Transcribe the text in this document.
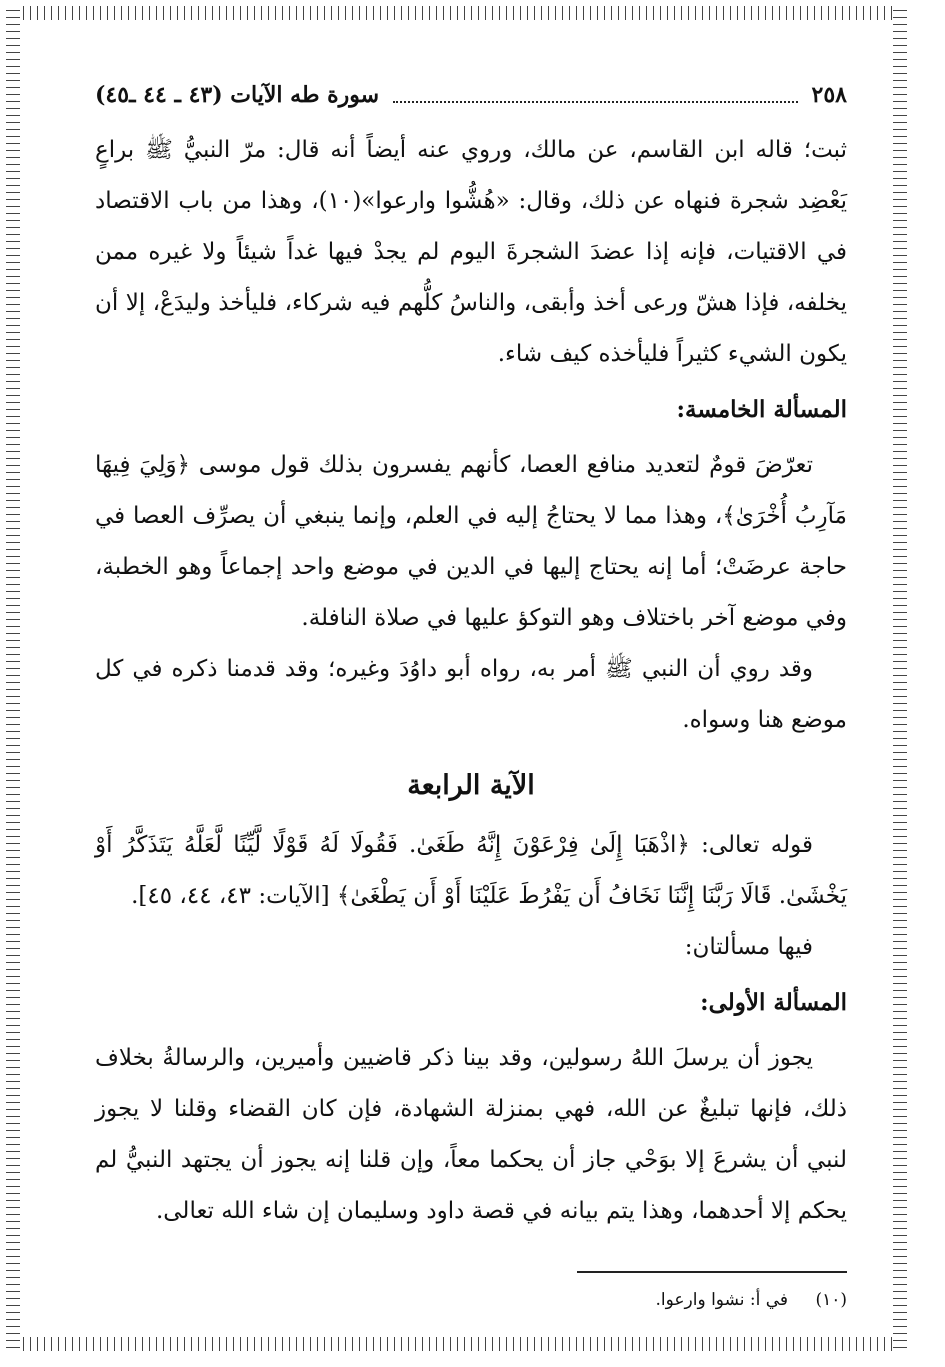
٢٥٨
سورة طه الآيات (٤٣ ـ ٤٤ ـ٤٥)

ثبت؛ قاله ابن القاسم، عن مالك، وروي عنه أيضاً أنه قال: مرّ النبيُّ ﷺ براعٍ يَعْضِد شجرة فنهاه عن ذلك، وقال: «هُشُّوا وارعوا»(١٠)، وهذا من باب الاقتصاد في الاقتيات، فإنه إذا عضدَ الشجرةَ اليوم لم يجدْ فيها غداً شيئاً ولا غيره ممن يخلفه، فإذا هشّ ورعى أخذ وأبقى، والناسُ كلُّهم فيه شركاء، فليأخذ وليدَعْ، إلا أن يكون الشيء كثيراً فليأخذه كيف شاء.

المسألة الخامسة:

تعرّضَ قومٌ لتعديد منافع العصا، كأنهم يفسرون بذلك قول موسى ﴿وَلِيَ فِيهَا مَآرِبُ أُخْرَىٰ﴾، وهذا مما لا يحتاجُ إليه في العلم، وإنما ينبغي أن يصرِّف العصا في حاجة عرضَتْ؛ أما إنه يحتاج إليها في الدين في موضع واحد إجماعاً وهو الخطبة، وفي موضع آخر باختلاف وهو التوكؤ عليها في صلاة النافلة.

وقد روي أن النبي ﷺ أمر به، رواه أبو داوُدَ وغيره؛ وقد قدمنا ذكره في كل موضع هنا وسواه.

الآية الرابعة

قوله تعالى: ﴿اذْهَبَا إِلَىٰ فِرْعَوْنَ إِنَّهُ طَغَىٰ. فَقُولَا لَهُ قَوْلًا لَّيِّنًا لَّعَلَّهُ يَتَذَكَّرُ أَوْ يَخْشَىٰ. قَالَا رَبَّنَا إِنَّنَا نَخَافُ أَن يَفْرُطَ عَلَيْنَا أَوْ أَن يَطْغَىٰ﴾ [الآيات: ٤٣، ٤٤، ٤٥].

فيها مسألتان:

المسألة الأولى:

يجوز أن يرسلَ اللهُ رسولين، وقد بينا ذكر قاضيين وأميرين، والرسالةُ بخلاف ذلك، فإنها تبليغٌ عن الله، فهي بمنزلة الشهادة، فإن كان القضاء وقلنا لا يجوز لنبي أن يشرعَ إلا بوَحْي جاز أن يحكما معاً، وإن قلنا إنه يجوز أن يجتهد النبيُّ لم يحكم إلا أحدهما، وهذا يتم بيانه في قصة داود وسليمان إن شاء الله تعالى.

(١٠) في أ: نشوا وارعوا.
